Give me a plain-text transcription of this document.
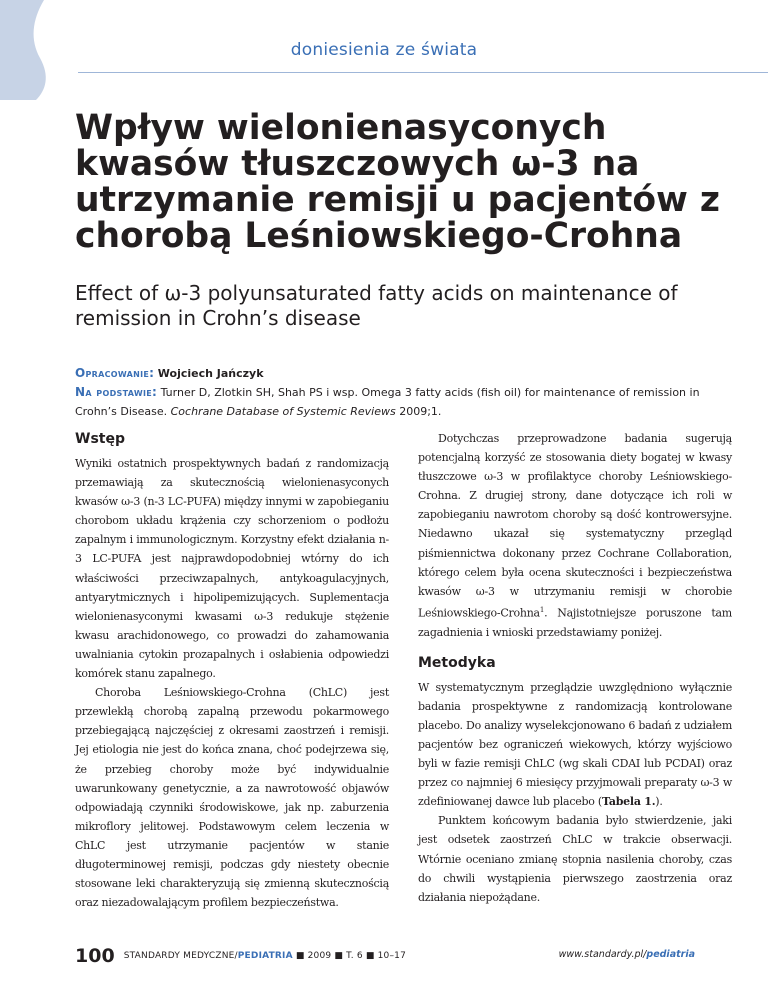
doniesienia ze świata
Wpływ wielonienasyconych kwasów tłuszczowych ω-3 na utrzymanie remisji u pacjentów z chorobą Leśniowskiego-Crohna
Effect of ω-3 polyunsaturated fatty acids on maintenance of remission in Crohn’s disease
Opracowanie: Wojciech Jańczyk
Na podstawie: Turner D, Zlotkin SH, Shah PS i wsp. Omega 3 fatty acids (fish oil) for maintenance of remission in Crohn’s Disease. Cochrane Database of Systemic Reviews 2009;1.
Wstęp

Wyniki ostatnich prospektywnych badań z randomizacją przemawiają za skutecznością wielonienasyconych kwasów ω-3 (n-3 LC-PUFA) między innymi w zapobieganiu chorobom układu krążenia czy schorzeniom o podłożu zapalnym i immunologicznym. Korzystny efekt działania n-3 LC-PUFA jest najprawdopodobniej wtórny do ich właściwości przeciwzapalnych, antykoagulacyjnych, antyarytmicznych i hipolipemizujących. Suplementacja wielonienasyconymi kwasami ω-3 redukuje stężenie kwasu arachidonowego, co prowadzi do zahamowania uwalniania cytokin prozapalnych i osłabienia odpowiedzi komórek stanu zapalnego.

Choroba Leśniowskiego-Crohna (ChLC) jest przewlekłą chorobą zapalną przewodu pokarmowego przebiegającą najczęściej z okresami zaostrzeń i remisji. Jej etiologia nie jest do końca znana, choć podejrzewa się, że przebieg choroby może być indywidualnie uwarunkowany genetycznie, a za nawrotowość objawów odpowiadają czynniki środowiskowe, jak np. zaburzenia mikroflory jelitowej. Podstawowym celem leczenia w ChLC jest utrzymanie pacjentów w stanie długoterminowej remisji, podczas gdy niestety obecnie stosowane leki charakteryzują się zmienną skutecznością oraz niezadowalającym profilem bezpieczeństwa.

Dotychczas przeprowadzone badania sugerują potencjalną korzyść ze stosowania diety bogatej w kwasy tłuszczowe ω-3 w profilaktyce choroby Leśniowskiego-Crohna. Z drugiej strony, dane dotyczące ich roli w zapobieganiu nawrotom choroby są dość kontrowersyjne. Niedawno ukazał się systematyczny przegląd piśmiennictwa dokonany przez Cochrane Collaboration, którego celem była ocena skuteczności i bezpieczeństwa kwasów ω-3 w utrzymaniu remisji w chorobie Leśniowskiego-Crohna$^1$. Najistotniejsze poruszone tam zagadnienia i wnioski przedstawiamy poniżej.

Metodyka

W systematycznym przeglądzie uwzględniono wyłącznie badania prospektywne z randomizacją kontrolowane placebo. Do analizy wyselekcjonowano 6 badań z udziałem pacjentów bez ograniczeń wiekowych, którzy wyjściowo byli w fazie remisji ChLC (wg skali CDAI lub PCDAI) oraz przez co najmniej 6 miesięcy przyjmowali preparaty ω-3 w zdefiniowanej dawce lub placebo (Tabela 1.).

Punktem końcowym badania było stwierdzenie, jaki jest odsetek zaostrzeń ChLC w trakcie obserwacji. Wtórnie oceniano zmianę stopnia nasilenia choroby, czas do chwili wystąpienia pierwszego zaostrzenia oraz działania niepożądane.

100 STANDARDY MEDYCZNE/PEDIATRIA ■ 2009 ■ T. 6 ■ 10–17	www.standardy.pl/pediatria
